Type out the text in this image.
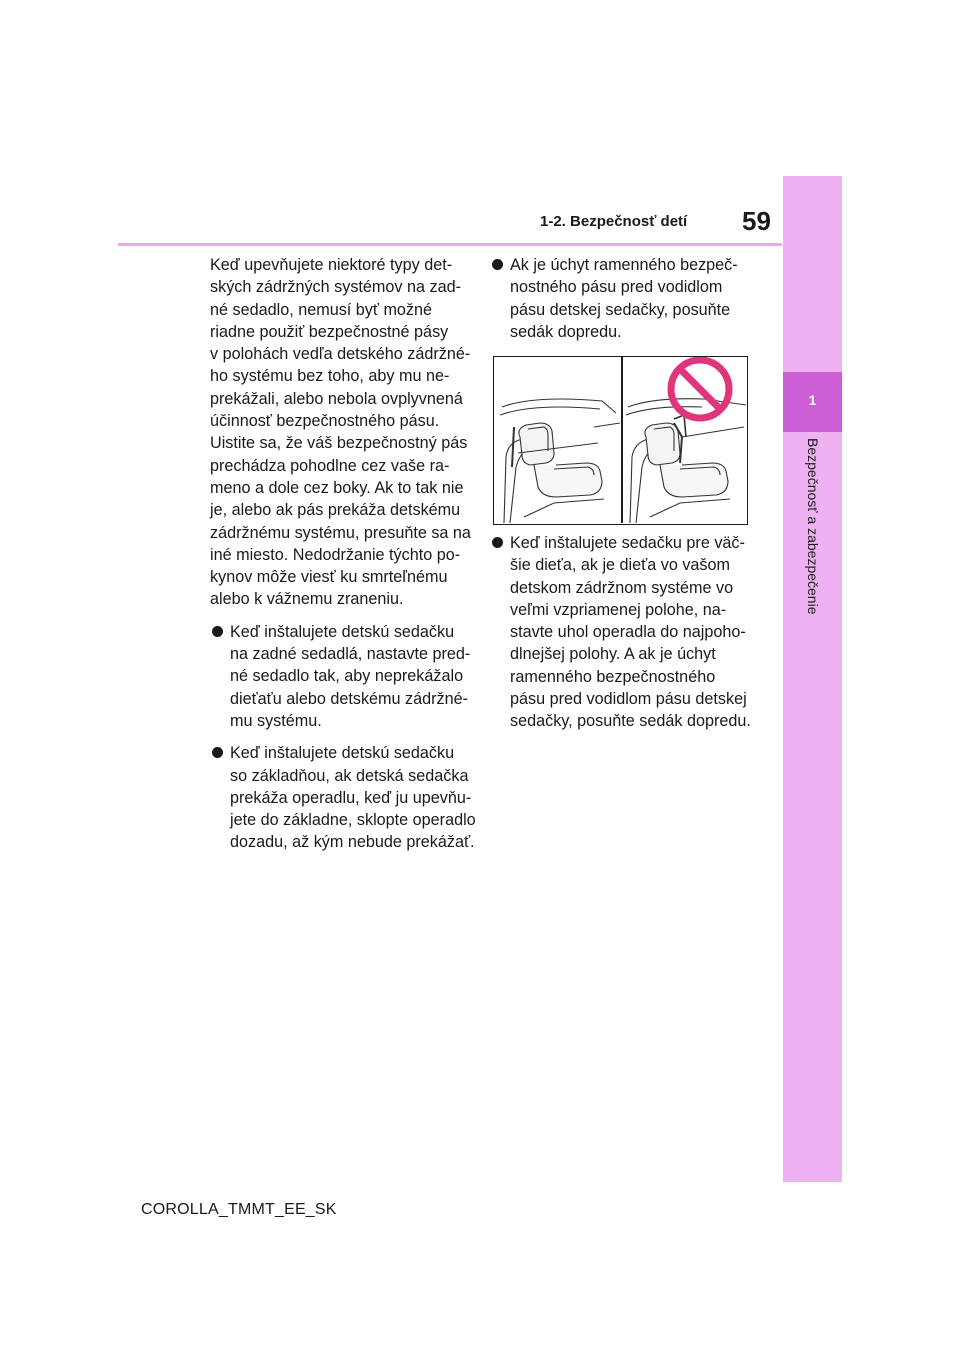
1-2. Bezpečnosť detí 59
1
Bezpečnosť a zabezpečenie
Keď upevňujete niektoré typy det-
ských zádržných systémov na zad-
né sedadlo, nemusí byť možné
riadne použiť bezpečnostné pásy
v polohách vedľa detského zádržné-
ho systému bez toho, aby mu ne-
prekážali, alebo nebola ovplyvnená
účinnosť bezpečnostného pásu.
Uistite sa, že váš bezpečnostný pás
prechádza pohodlne cez vaše ra-
meno a dole cez boky. Ak to tak nie
je, alebo ak pás prekáža detskému
zádržnému systému, presuňte sa na
iné miesto. Nedodržanie týchto po-
kynov môže viesť ku smrteľnému
alebo k vážnemu zraneniu.
Keď inštalujete detskú sedačku
na zadné sedadlá, nastavte pred-
né sedadlo tak, aby neprekážalo
dieťaťu alebo detskému zádržné-
mu systému.
Keď inštalujete detskú sedačku
so základňou, ak detská sedačka
prekáža operadlu, keď ju upevňu-
jete do základne, sklopte operadlo
dozadu, až kým nebude prekážať.
Ak je úchyt ramenného bezpeč-
nostného pásu pred vodidlom
pásu detskej sedačky, posuňte
sedák dopredu.
Keď inštalujete sedačku pre väč-
šie dieťa, ak je dieťa vo vašom
detskom zádržnom systéme vo
veľmi vzpriamenej polohe, na-
stavte uhol operadla do najpoho-
dlnejšej polohy. A ak je úchyt
ramenného bezpečnostného
pásu pred vodidlom pásu detskej
sedačky, posuňte sedák dopredu.
COROLLA_TMMT_EE_SK
